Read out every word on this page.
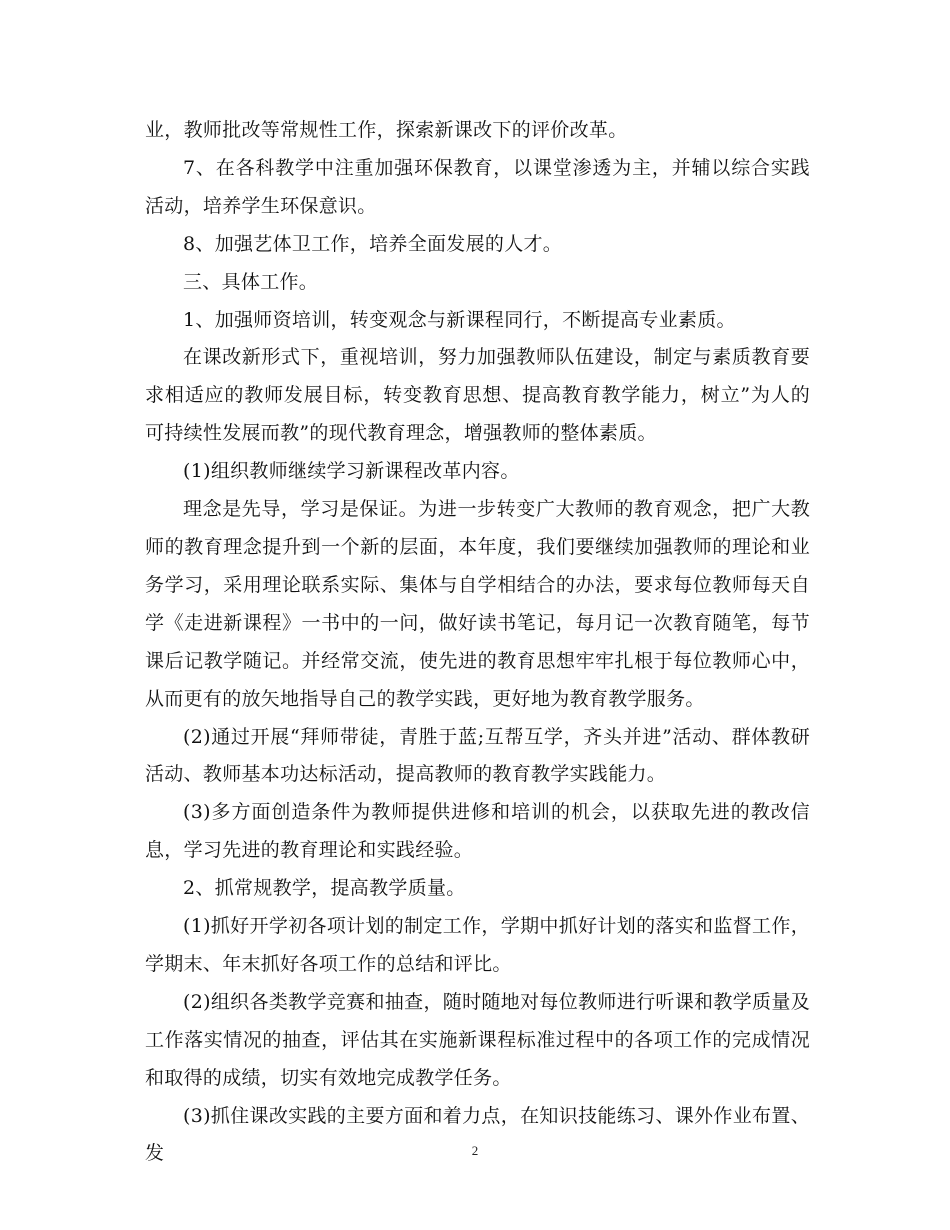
业，教师批改等常规性工作，探索新课改下的评价改革。

7、在各科教学中注重加强环保教育，以课堂渗透为主，并辅以综合实践活动，培养学生环保意识。

8、加强艺体卫工作，培养全面发展的人才。

三、具体工作。

1、加强师资培训，转变观念与新课程同行，不断提高专业素质。

在课改新形式下，重视培训，努力加强教师队伍建设，制定与素质教育要求相适应的教师发展目标，转变教育思想、提高教育教学能力，树立”为人的可持续性发展而教”的现代教育理念，增强教师的整体素质。

(1)组织教师继续学习新课程改革内容。

理念是先导，学习是保证。为进一步转变广大教师的教育观念，把广大教师的教育理念提升到一个新的层面，本年度，我们要继续加强教师的理论和业务学习，采用理论联系实际、集体与自学相结合的办法，要求每位教师每天自学《走进新课程》一书中的一问，做好读书笔记，每月记一次教育随笔，每节课后记教学随记。并经常交流，使先进的教育思想牢牢扎根于每位教师心中，从而更有的放矢地指导自己的教学实践，更好地为教育教学服务。

(2)通过开展“拜师带徒，青胜于蓝;互帮互学，齐头并进”活动、群体教研活动、教师基本功达标活动，提高教师的教育教学实践能力。

(3)多方面创造条件为教师提供进修和培训的机会，以获取先进的教改信息，学习先进的教育理论和实践经验。

2、抓常规教学，提高教学质量。

(1)抓好开学初各项计划的制定工作，学期中抓好计划的落实和监督工作，学期末、年末抓好各项工作的总结和评比。

(2)组织各类教学竞赛和抽查，随时随地对每位教师进行听课和教学质量及工作落实情况的抽查，评估其在实施新课程标准过程中的各项工作的完成情况和取得的成绩，切实有效地完成教学任务。

(3)抓住课改实践的主要方面和着力点，在知识技能练习、课外作业布置、发	2
